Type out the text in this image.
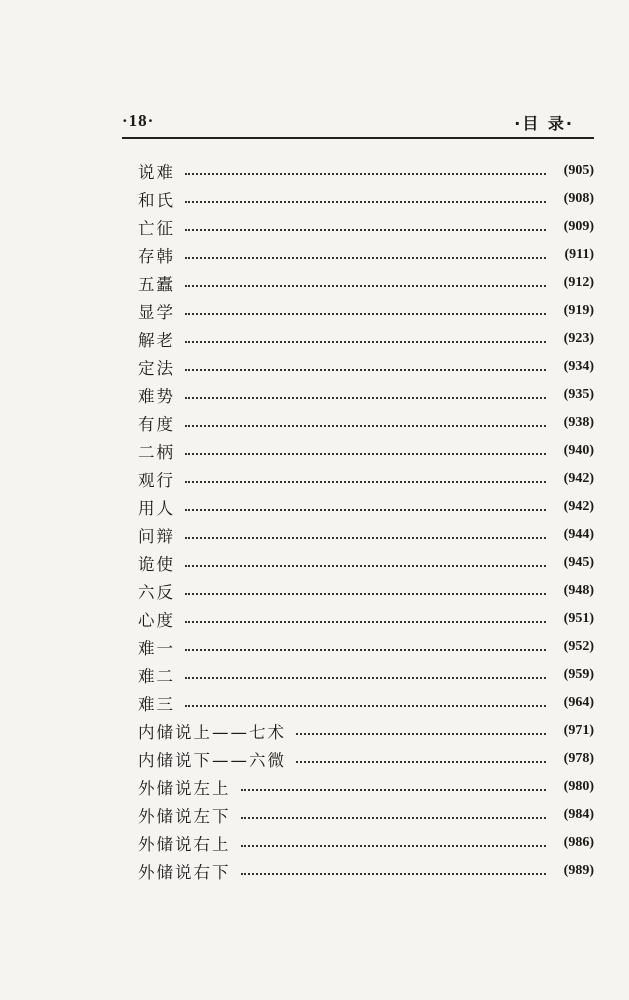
·18·	·目 录·
说难	(905)
和氏	(908)
亡征	(909)
存韩	(911)
五蠹	(912)
显学	(919)
解老	(923)
定法	(934)
难势	(935)
有度	(938)
二柄	(940)
观行	(942)
用人	(942)
问辩	(944)
诡使	(945)
六反	(948)
心度	(951)
难一	(952)
难二	(959)
难三	(964)
内储说上——七术	(971)
内储说下——六微	(978)
外储说左上	(980)
外储说左下	(984)
外储说右上	(986)
外储说右下	(989)
